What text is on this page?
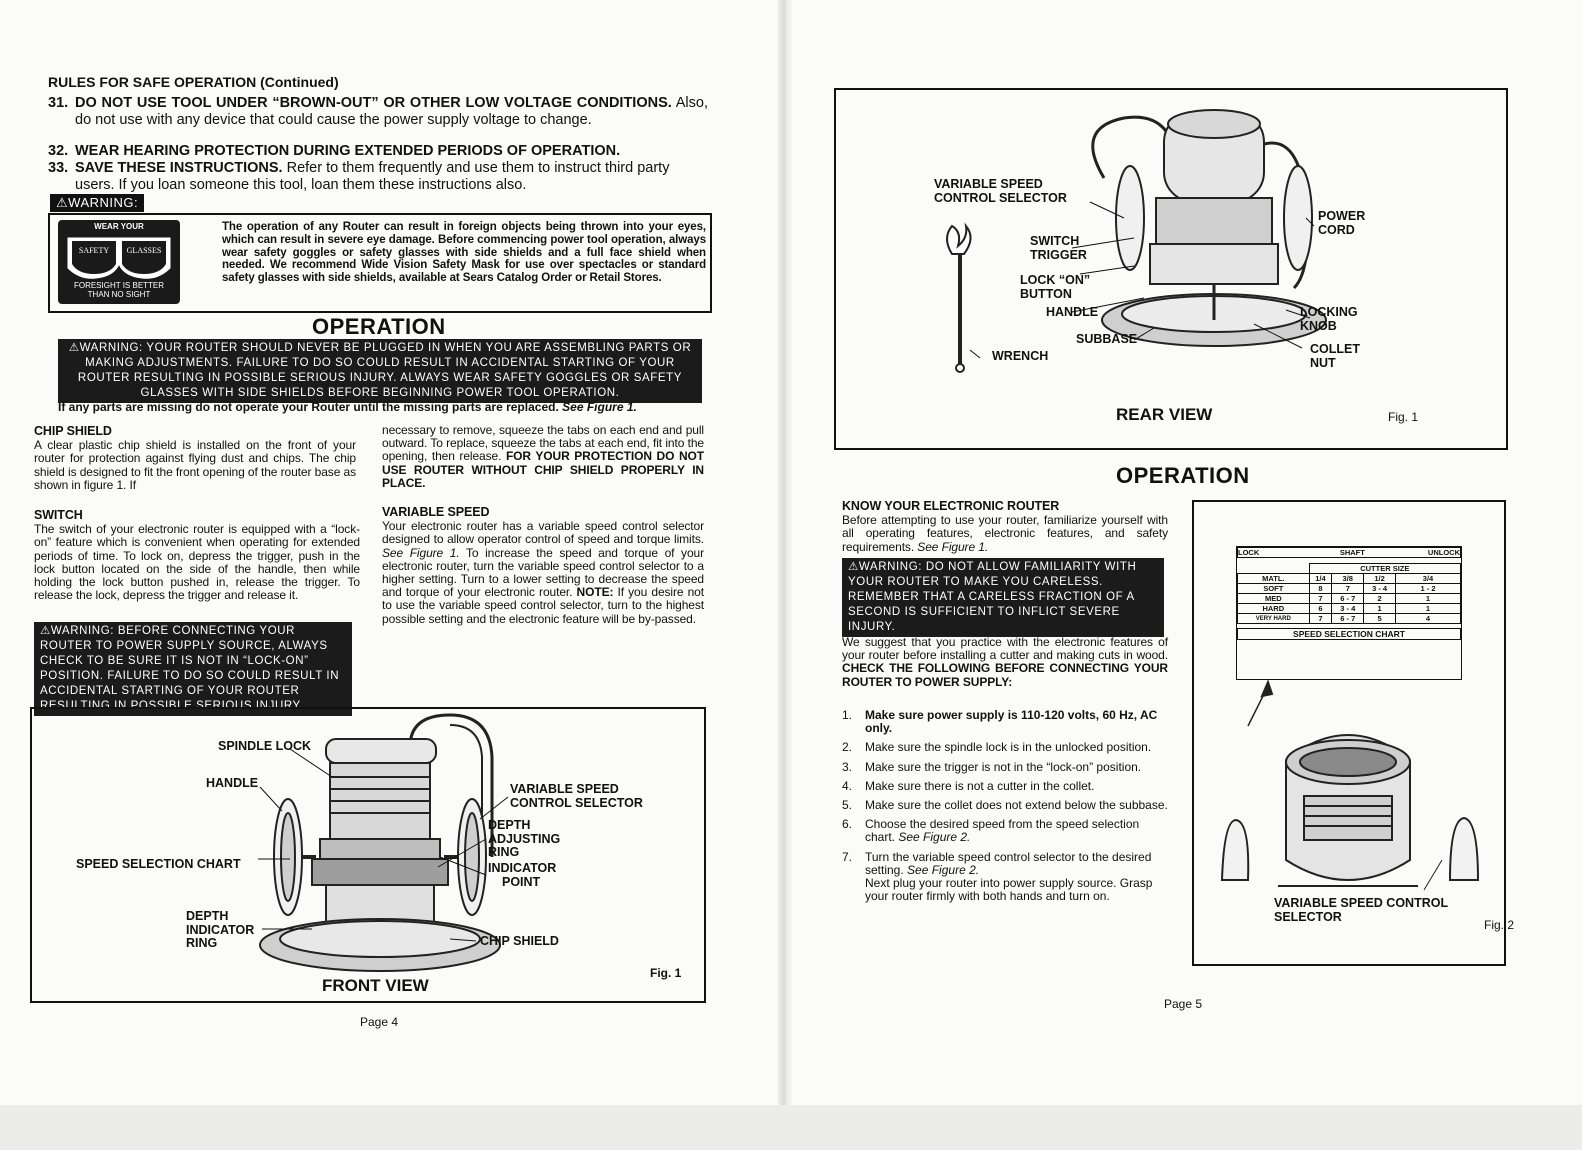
RULES FOR SAFE OPERATION (Continued)
31. DO NOT USE TOOL UNDER “BROWN-OUT” OR OTHER LOW VOLTAGE CONDITIONS. Also, do not use with any device that could cause the power supply voltage to change.
32. WEAR HEARING PROTECTION DURING EXTENDED PERIODS OF OPERATION.
33. SAVE THESE INSTRUCTIONS. Refer to them frequently and use them to instruct third party users. If you loan someone this tool, loan them these instructions also.
⚠WARNING:
WEAR YOUR
SAFETY	GLASSES
FORESIGHT IS BETTER
THAN NO SIGHT
The operation of any Router can result in foreign objects being thrown into your eyes, which can result in severe eye damage. Before commencing power tool operation, always wear safety goggles or safety glasses with side shields and a full face shield when needed. We recommend Wide Vision Safety Mask for use over spectacles or standard safety glasses with side shields, available at Sears Catalog Order or Retail Stores.
OPERATION
⚠WARNING: YOUR ROUTER SHOULD NEVER BE PLUGGED IN WHEN YOU ARE ASSEMBLING PARTS OR MAKING ADJUSTMENTS. FAILURE TO DO SO COULD RESULT IN ACCIDENTAL STARTING OF YOUR ROUTER RESULTING IN POSSIBLE SERIOUS INJURY. ALWAYS WEAR SAFETY GOGGLES OR SAFETY GLASSES WITH SIDE SHIELDS BEFORE BEGINNING POWER TOOL OPERATION.
If any parts are missing do not operate your Router until the missing parts are replaced. See Figure 1.
CHIP SHIELD

A clear plastic chip shield is installed on the front of your router for protection against flying dust and chips. The chip shield is designed to fit the front opening of the router base as shown in figure 1. If

SWITCH

The switch of your electronic router is equipped with a “lock-on” feature which is convenient when operating for extended periods of time. To lock on, depress the trigger, push in the lock button located on the side of the handle, then while holding the lock button pushed in, release the trigger. To release the lock, depress the trigger and release it.

necessary to remove, squeeze the tabs on each end and pull outward. To replace, squeeze the tabs at each end, fit into the opening, then release. FOR YOUR PROTECTION DO NOT USE ROUTER WITHOUT CHIP SHIELD PROPERLY IN PLACE.

VARIABLE SPEED

Your electronic router has a variable speed control selector designed to allow operator control of speed and torque limits. See Figure 1. To increase the speed and torque of your electronic router, turn the variable speed control selector to a higher setting. Turn to a lower setting to decrease the speed and torque of your electronic router. NOTE: If you desire not to use the variable speed control selector, turn to the highest possible setting and the electronic feature will be by-passed.

⚠WARNING: BEFORE CONNECTING YOUR ROUTER TO POWER SUPPLY SOURCE, ALWAYS CHECK TO BE SURE IT IS NOT IN “LOCK-ON” POSITION. FAILURE TO DO SO COULD RESULT IN ACCIDENTAL STARTING OF YOUR ROUTER RESULTING IN POSSIBLE SERIOUS INJURY.
SPINDLE LOCK
HANDLE
SPEED SELECTION CHART
DEPTH
INDICATOR
RING
VARIABLE SPEED
CONTROL SELECTOR
DEPTH
ADJUSTING
RING
INDICATOR
POINT
CHIP SHIELD
Fig. 1
FRONT VIEW
Page 4
VARIABLE SPEED
CONTROL SELECTOR
SWITCH
TRIGGER
LOCK “ON”
BUTTON
HANDLE
SUBBASE
WRENCH
POWER
CORD
LOCKING
KNOB
COLLET
NUT
REAR VIEW	Fig. 1
OPERATION
KNOW YOUR ELECTRONIC ROUTER

Before attempting to use your router, familiarize yourself with all operating features, electronic features, and safety requirements. See Figure 1.

⚠WARNING: DO NOT ALLOW FAMILIARITY WITH YOUR ROUTER TO MAKE YOU CARELESS. REMEMBER THAT A CARELESS FRACTION OF A SECOND IS SUFFICIENT TO INFLICT SEVERE INJURY.

We suggest that you practice with the electronic features of your router before installing a cutter and making cuts in wood. CHECK THE FOLLOWING BEFORE CONNECTING YOUR ROUTER TO POWER SUPPLY:

1. Make sure power supply is 110-120 volts, 60 Hz, AC only.
2. Make sure the spindle lock is in the unlocked position.
3. Make sure the trigger is not in the “lock-on” position.
4. Make sure there is not a cutter in the collet.
5. Make sure the collet does not extend below the subbase.
6. Choose the desired speed from the speed selection chart. See Figure 2.
7. Turn the variable speed control selector to the desired setting. See Figure 2.
Next plug your router into power supply source. Grasp your router firmly with both hands and turn on.
LOCK	SHAFT			UNLOCK

	CUTTER SIZE			
MATL.	1/4	3/8	1/2	3/4
SOFT	8	7	3 - 4	1 - 2
MED	7	6 - 7	2	1
HARD	6	3 - 4	1	1
VERY HARD	7	6 - 7	5	4

SPEED SELECTION CHART				
VARIABLE SPEED CONTROL
SELECTOR
Fig. 2
Page 5
